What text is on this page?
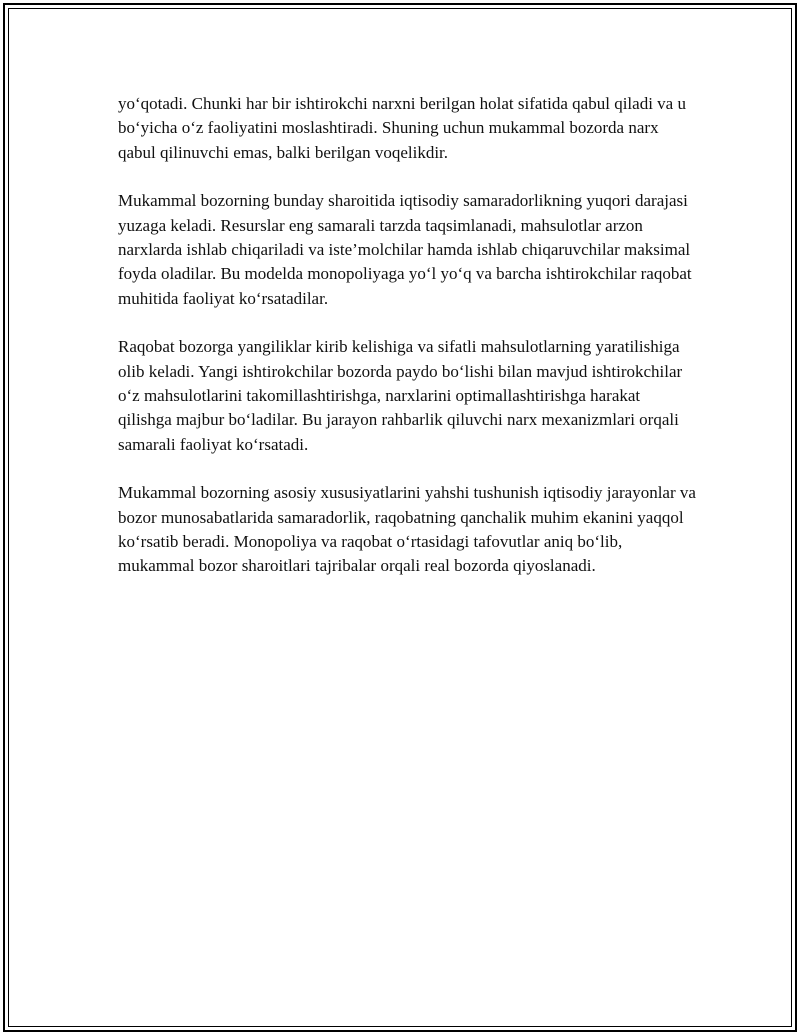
yo‘qotadi. Chunki har bir ishtirokchi narxni berilgan holat sifatida qabul qiladi va u bo‘yicha o‘z faoliyatini moslashtiradi. Shuning uchun mukammal bozorda narx qabul qilinuvchi emas, balki berilgan voqelikdir.

Mukammal bozorning bunday sharoitida iqtisodiy samaradorlikning yuqori darajasi yuzaga keladi. Resurslar eng samarali tarzda taqsimlanadi, mahsulotlar arzon narxlarda ishlab chiqariladi va iste’molchilar hamda ishlab chiqaruvchilar maksimal foyda oladilar. Bu modelda monopoliyaga yo‘l yo‘q va barcha ishtirokchilar raqobat muhitida faoliyat ko‘rsatadilar.

Raqobat bozorga yangiliklar kirib kelishiga va sifatli mahsulotlarning yaratilishiga olib keladi. Yangi ishtirokchilar bozorda paydo bo‘lishi bilan mavjud ishtirokchilar o‘z mahsulotlarini takomillashtirishga, narxlarini optimallashtirishga harakat qilishga majbur bo‘ladilar. Bu jarayon rahbarlik qiluvchi narx mexanizmlari orqali samarali faoliyat ko‘rsatadi.

Mukammal bozorning asosiy xususiyatlarini yahshi tushunish iqtisodiy jarayonlar va bozor munosabatlarida samaradorlik, raqobatning qanchalik muhim ekanini yaqqol ko‘rsatib beradi. Monopoliya va raqobat o‘rtasidagi tafovutlar aniq bo‘lib, mukammal bozor sharoitlari tajribalar orqali real bozorda qiyoslanadi.
